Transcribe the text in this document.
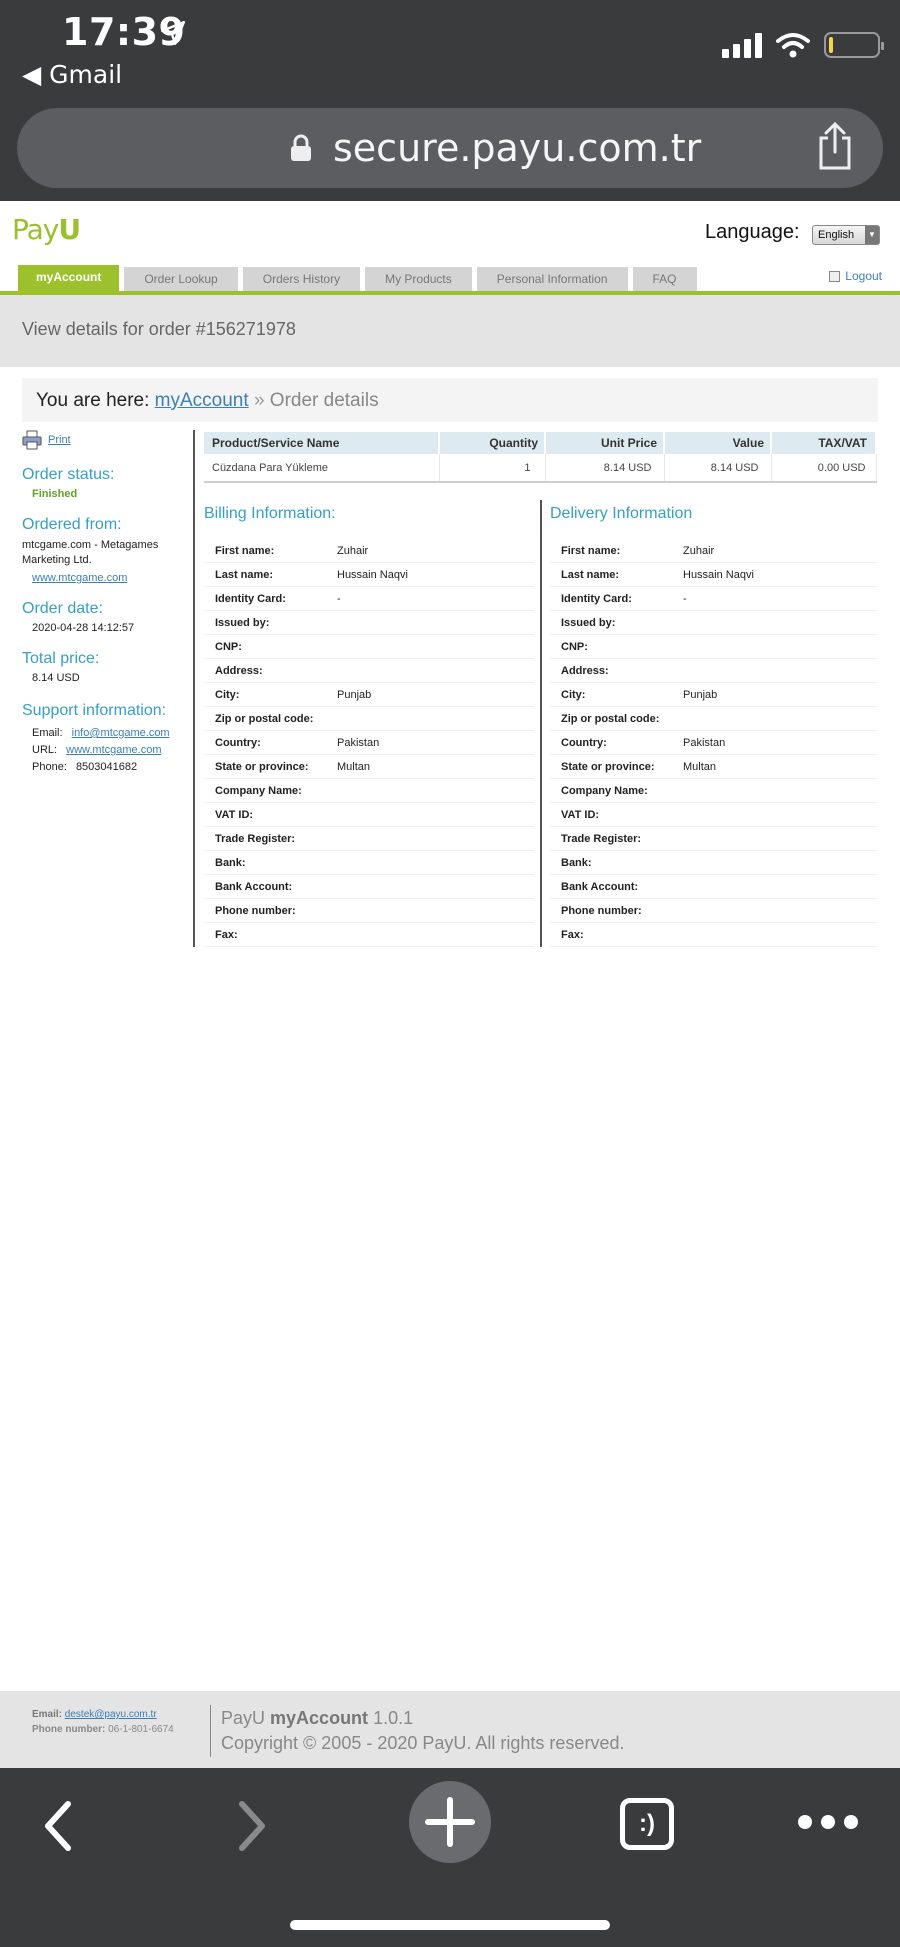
17:39
◀ Gmail
secure.payu.com.tr
PayU	Language:	English	▼
myAccount	Order Lookup	Orders History	My Products	Personal Information	FAQ	Logout
View details for order #156271978
You are here: myAccount » Order details
Print
Order status:
Finished
Ordered from:
mtcgame.com - Metagames Marketing Ltd.
www.mtcgame.com
Order date:
2020-04-28 14:12:57
Total price:
8.14 USD
Support information:
Email: info@mtcgame.com
URL: www.mtcgame.com
Phone: 8503041682
Product/Service Name	Quantity	Unit Price	Value	TAX/VAT
Cüzdana Para Yükleme	1	8.14 USD	8.14 USD	0.00 USD
Billing Information:	Delivery Information
First name:	Zuhair
Last name:	Hussain Naqvi
Identity Card:	-
Issued by:
CNP:
Address:
City:	Punjab
Zip or postal code:
Country:	Pakistan
State or province:	Multan
Company Name:
VAT ID:
Trade Register:
Bank:
Bank Account:
Phone number:
Fax:
First name:	Zuhair
Last name:	Hussain Naqvi
Identity Card:	-
Issued by:
CNP:
Address:
City:	Punjab
Zip or postal code:
Country:	Pakistan
State or province:	Multan
Company Name:
VAT ID:
Trade Register:
Bank:
Bank Account:
Phone number:
Fax:
Email: destek@payu.com.tr
Phone number: 06-1-801-6674
PayU myAccount 1.0.1
Copyright © 2005 - 2020 PayU. All rights reserved.
:)
